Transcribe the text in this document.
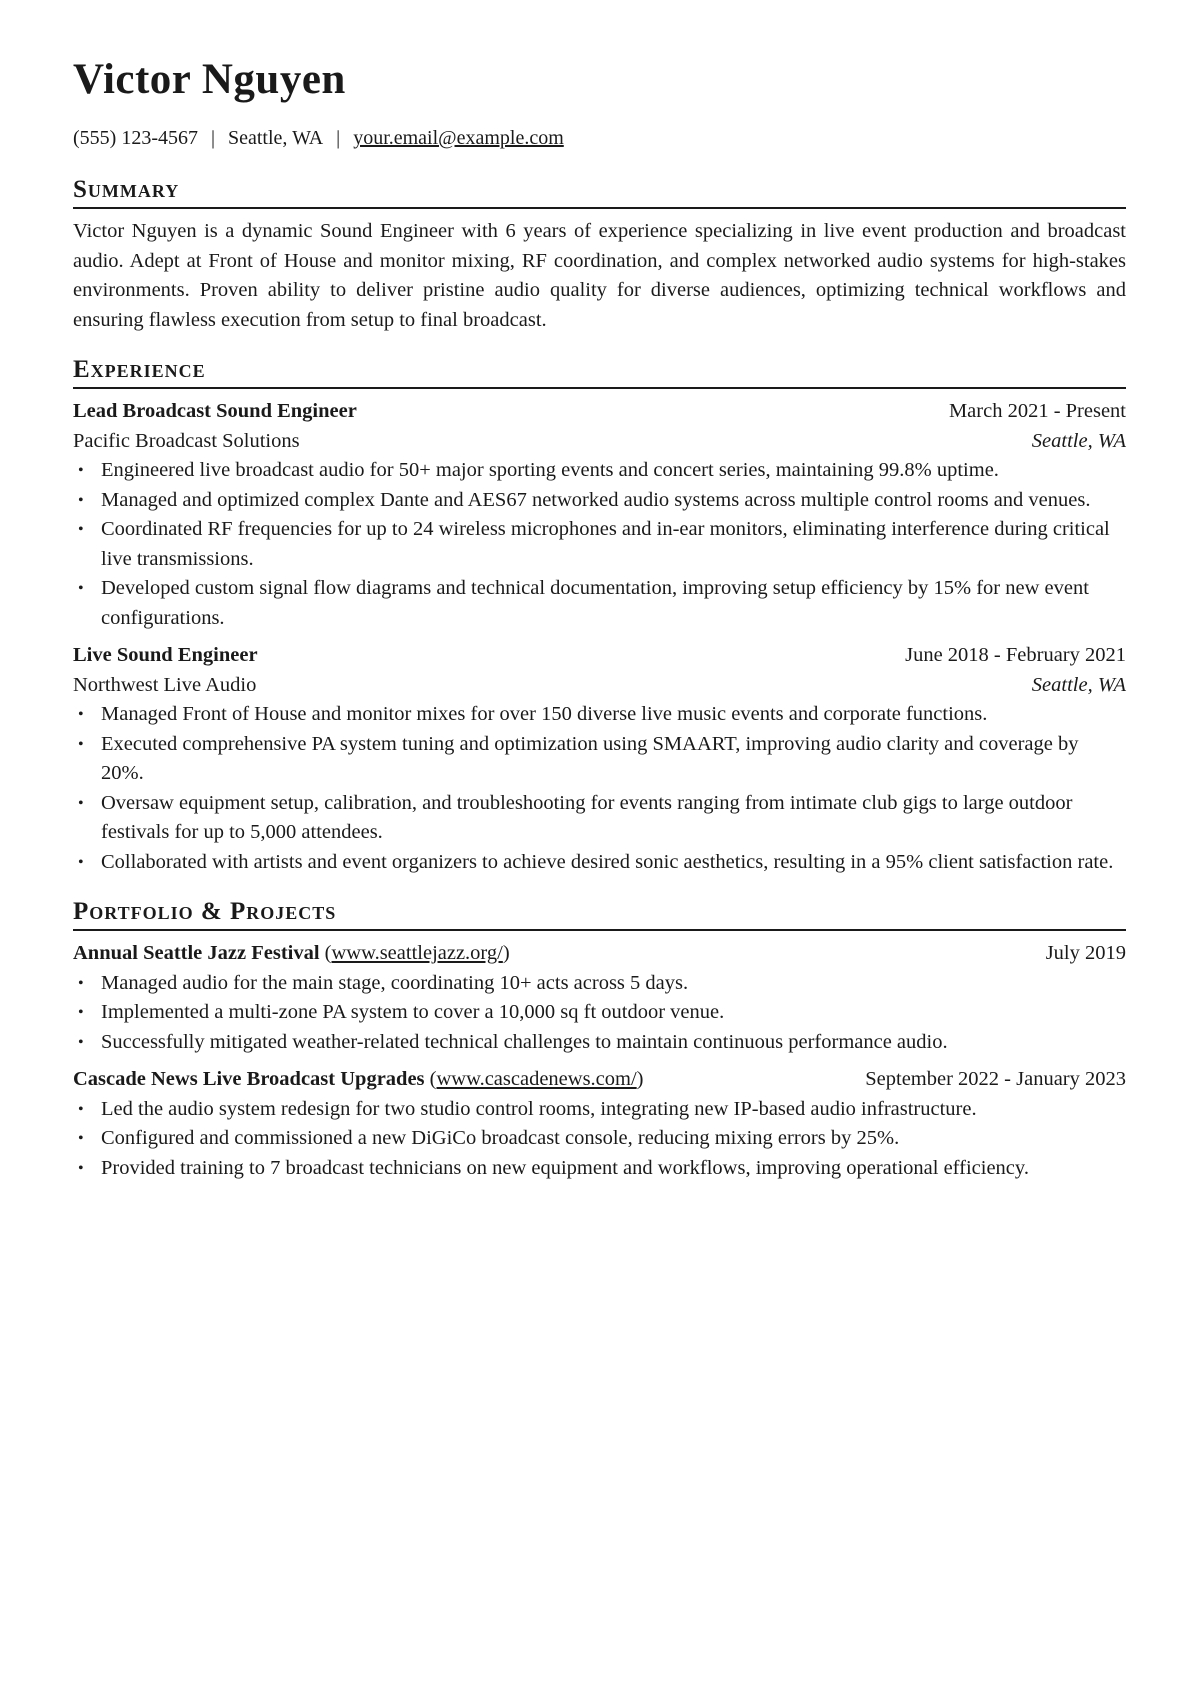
Victor Nguyen
(555) 123-4567 | Seattle, WA | your.email@example.com
Summary
Victor Nguyen is a dynamic Sound Engineer with 6 years of experience specializing in live event production and broadcast audio. Adept at Front of House and monitor mixing, RF coordination, and complex networked audio systems for high-stakes environments. Proven ability to deliver pristine audio quality for diverse audiences, optimizing technical workflows and ensuring flawless execution from setup to final broadcast.
Experience
Lead Broadcast Sound Engineer	March 2021 - Present
Pacific Broadcast Solutions	Seattle, WA
• Engineered live broadcast audio for 50+ major sporting events and concert series, maintaining 99.8% uptime.
• Managed and optimized complex Dante and AES67 networked audio systems across multiple control rooms and venues.
• Coordinated RF frequencies for up to 24 wireless microphones and in-ear monitors, eliminating interference during critical live transmissions.
• Developed custom signal flow diagrams and technical documentation, improving setup efficiency by 15% for new event configurations.
Live Sound Engineer	June 2018 - February 2021
Northwest Live Audio	Seattle, WA
• Managed Front of House and monitor mixes for over 150 diverse live music events and corporate functions.
• Executed comprehensive PA system tuning and optimization using SMAART, improving audio clarity and coverage by 20%.
• Oversaw equipment setup, calibration, and troubleshooting for events ranging from intimate club gigs to large outdoor festivals for up to 5,000 attendees.
• Collaborated with artists and event organizers to achieve desired sonic aesthetics, resulting in a 95% client satisfaction rate.
Portfolio & Projects
Annual Seattle Jazz Festival (www.seattlejazz.org/)	July 2019
• Managed audio for the main stage, coordinating 10+ acts across 5 days.
• Implemented a multi-zone PA system to cover a 10,000 sq ft outdoor venue.
• Successfully mitigated weather-related technical challenges to maintain continuous performance audio.
Cascade News Live Broadcast Upgrades (www.cascadenews.com/)	September 2022 - January 2023
• Led the audio system redesign for two studio control rooms, integrating new IP-based audio infrastructure.
• Configured and commissioned a new DiGiCo broadcast console, reducing mixing errors by 25%.
• Provided training to 7 broadcast technicians on new equipment and workflows, improving operational efficiency.
